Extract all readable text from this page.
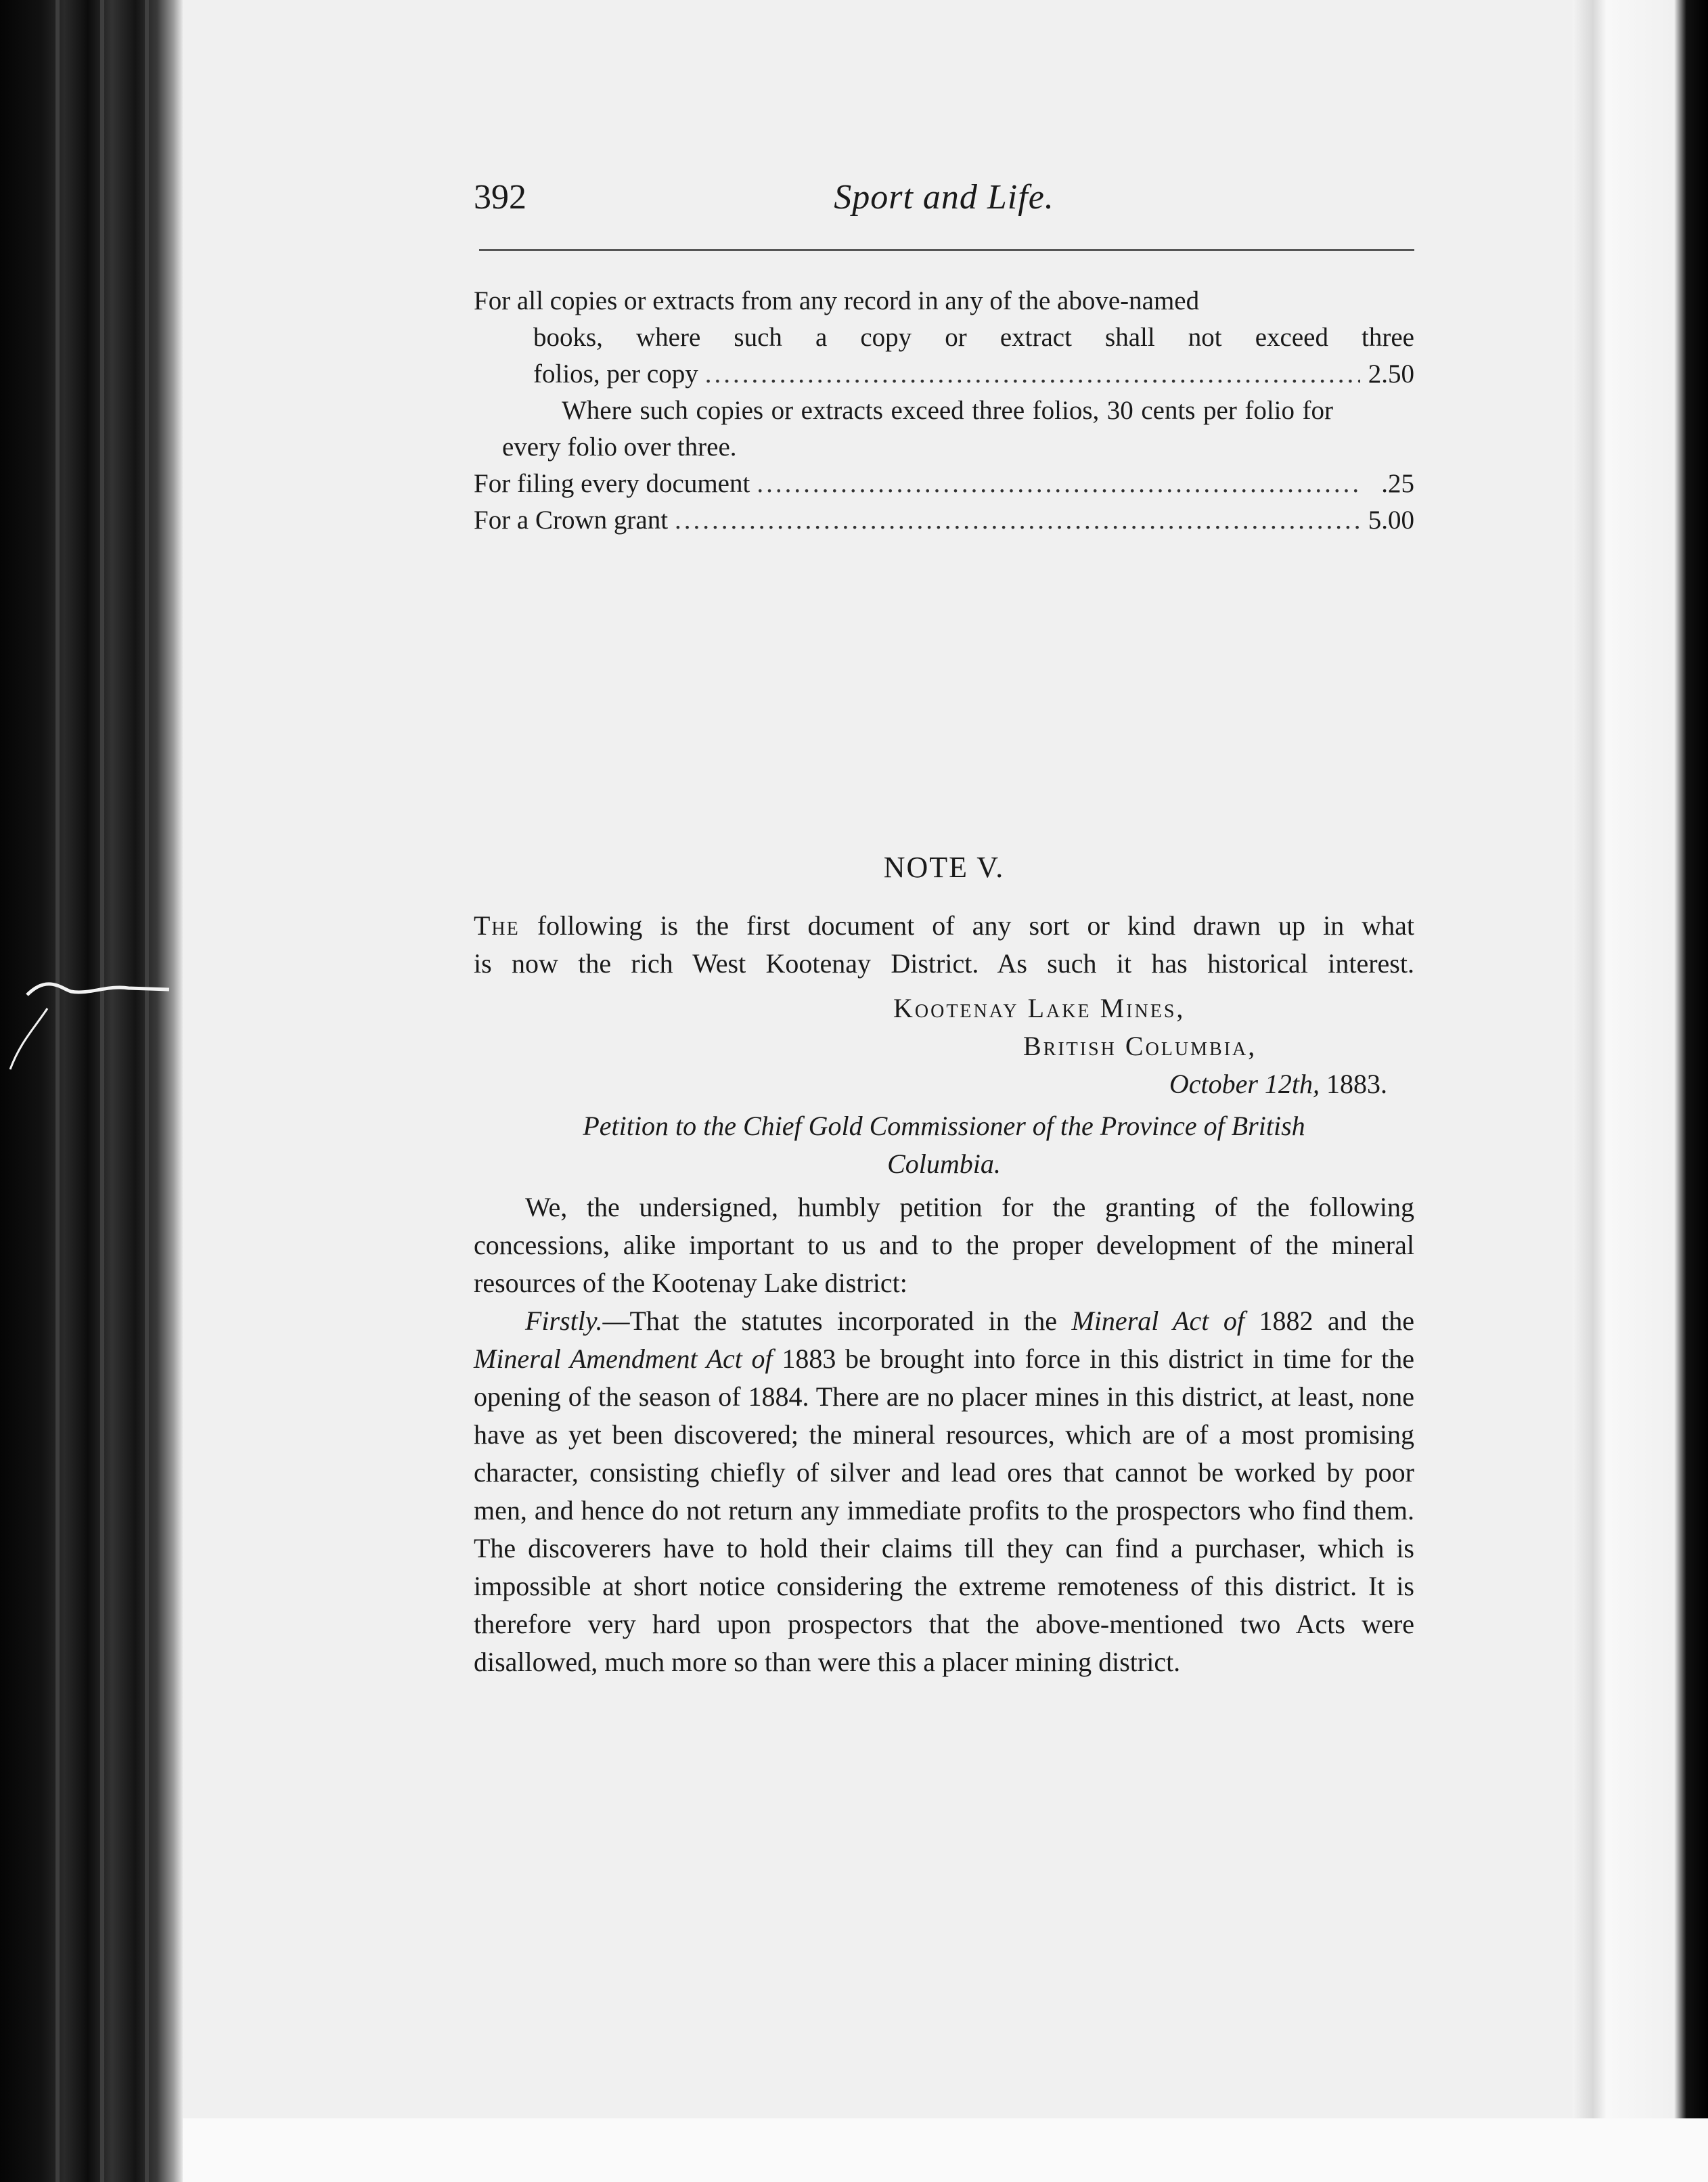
392	Sport and Life.

For all copies or extracts from any record in any of the above-named

books, where such a copy or extract shall not exceed three

folios, per copy .....	2.50

Where such copies or extracts exceed three folios, 30 cents per folio for every folio over three.

For filing every document .....	.25

For a Crown grant .....	5.00

NOTE V.

The following is the first document of any sort or kind drawn up in what

is now the rich West Kootenay District. As such it has historical interest.

Kootenay Lake Mines,

British Columbia,

October 12th, 1883.

Petition to the Chief Gold Commissioner of the Province of British
Columbia.

We, the undersigned, humbly petition for the granting of the following concessions, alike important to us and to the proper development of the mineral resources of the Kootenay Lake district:

Firstly.—That the statutes incorporated in the Mineral Act of 1882 and the Mineral Amendment Act of 1883 be brought into force in this district in time for the opening of the season of 1884. There are no placer mines in this district, at least, none have as yet been discovered; the mineral resources, which are of a most promising character, consisting chiefly of silver and lead ores that cannot be worked by poor men, and hence do not return any immediate profits to the prospectors who find them. The discoverers have to hold their claims till they can find a purchaser, which is impossible at short notice considering the extreme remoteness of this district. It is therefore very hard upon prospectors that the above-mentioned two Acts were disallowed, much more so than were this a placer mining district.
